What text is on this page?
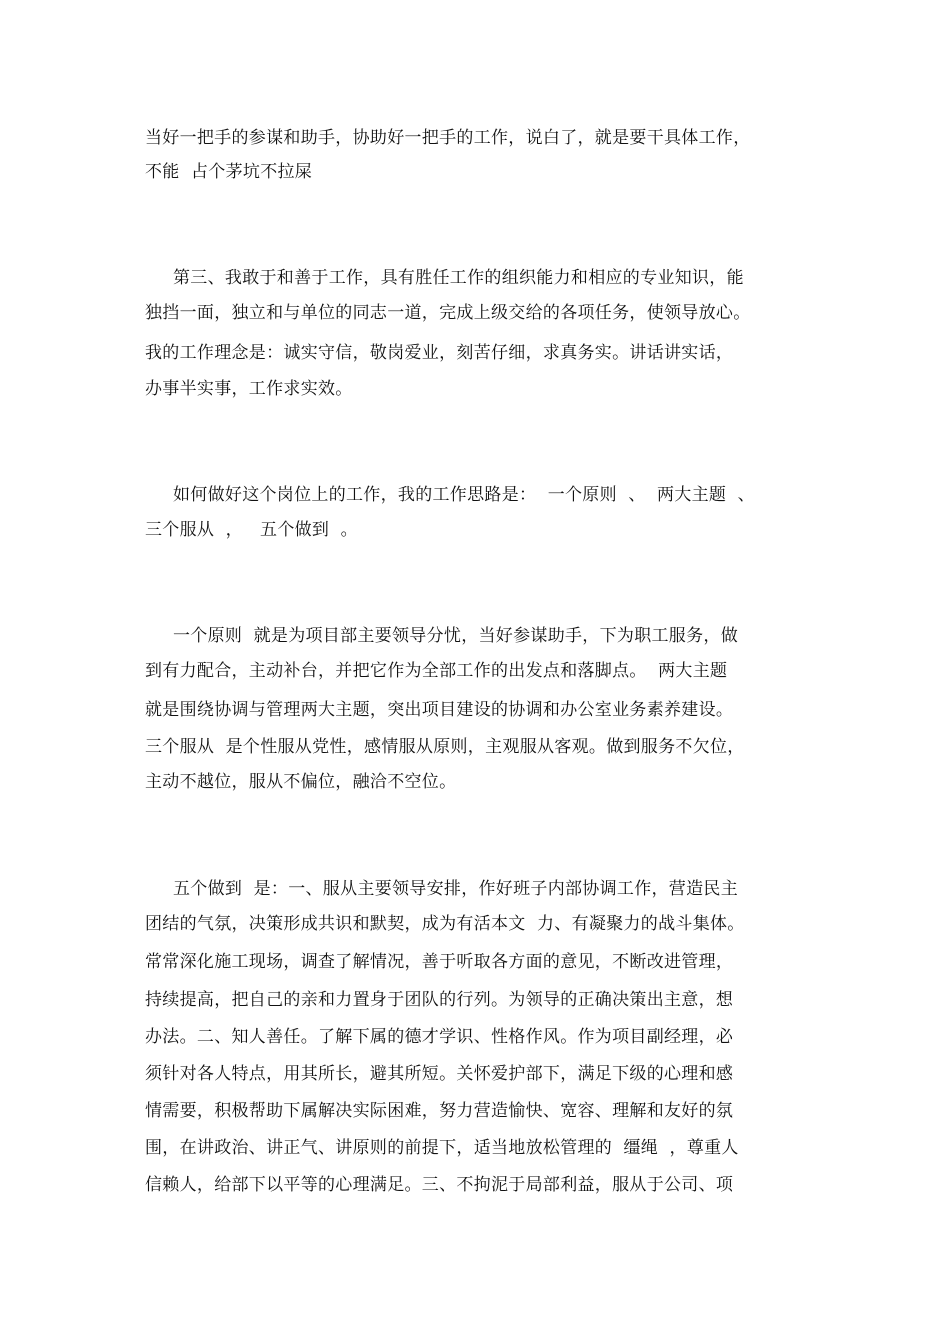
当好一把手的参谋和助手，协助好一把手的工作，说白了，就是要干具体工作，
不能  占个茅坑不拉屎
第三、我敢于和善于工作，具有胜任工作的组织能力和相应的专业知识，能
独挡一面，独立和与单位的同志一道，完成上级交给的各项任务，使领导放心。
我的工作理念是：诚实守信，敬岗爱业，刻苦仔细，求真务实。讲话讲实话，
办事半实事，工作求实效。
如何做好这个岗位上的工作，我的工作思路是：  一个原则  、  两大主题  、
三个服从  ，   五个做到  。
一个原则  就是为项目部主要领导分忧，当好参谋助手，下为职工服务，做
到有力配合，主动补台，并把它作为全部工作的出发点和落脚点。  两大主题
就是围绕协调与管理两大主题，突出项目建设的协调和办公室业务素养建设。
三个服从  是个性服从党性，感情服从原则，主观服从客观。做到服务不欠位，
主动不越位，服从不偏位，融洽不空位。
五个做到  是：一、服从主要领导安排，作好班子内部协调工作，营造民主
团结的气氛，决策形成共识和默契，成为有活本文  力、有凝聚力的战斗集体。
常常深化施工现场，调查了解情况，善于听取各方面的意见，不断改进管理，
持续提高，把自己的亲和力置身于团队的行列。为领导的正确决策出主意，想
办法。二、知人善任。了解下属的德才学识、性格作风。作为项目副经理，必
须针对各人特点，用其所长，避其所短。关怀爱护部下，满足下级的心理和感
情需要，积极帮助下属解决实际困难，努力营造愉快、宽容、理解和友好的氛
围，在讲政治、讲正气、讲原则的前提下，适当地放松管理的  缰绳  ，尊重人
信赖人，给部下以平等的心理满足。三、不拘泥于局部利益，服从于公司、项
